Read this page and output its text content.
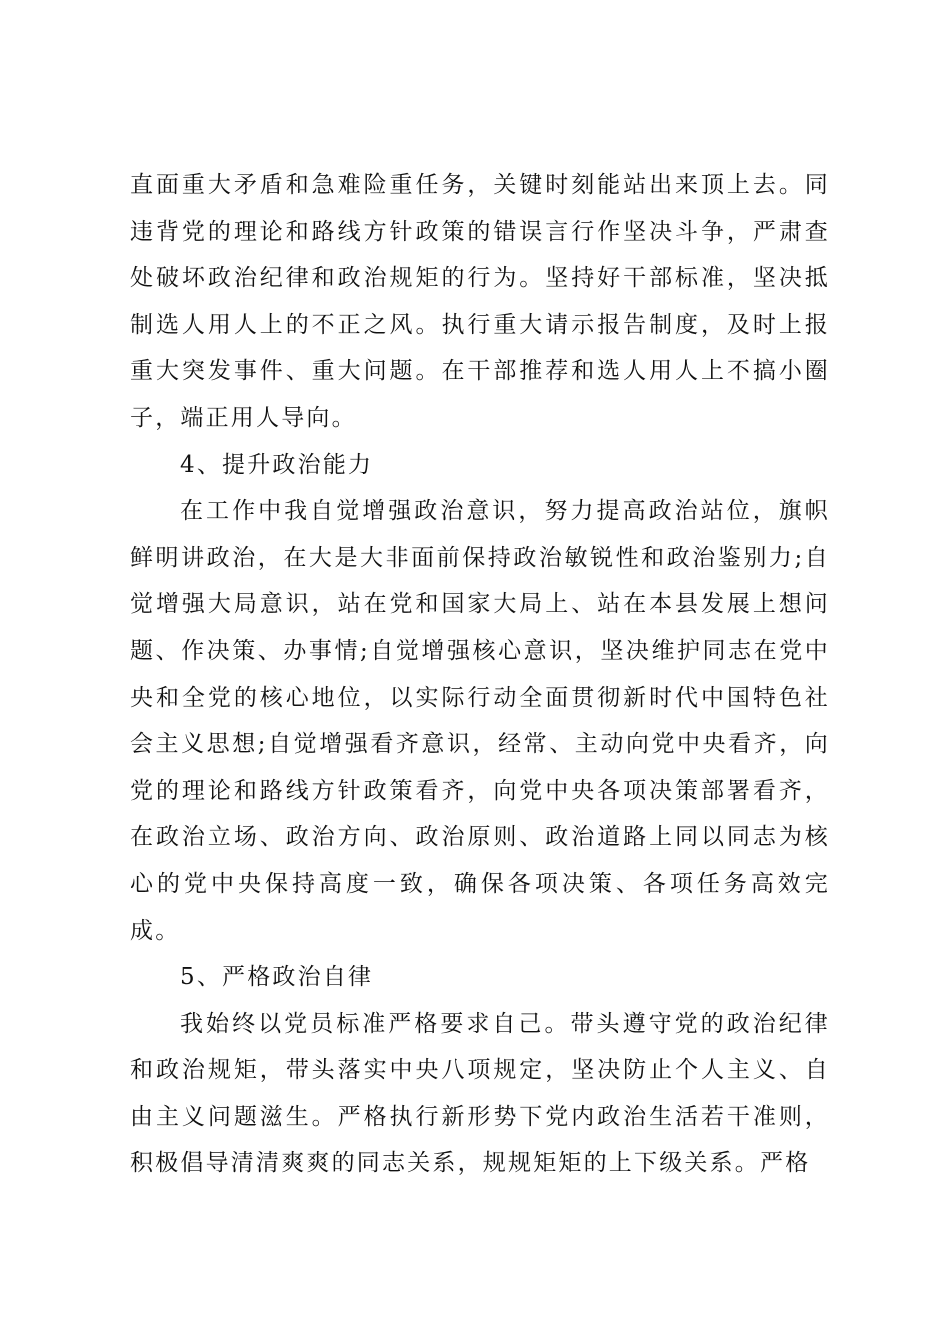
直面重大矛盾和急难险重任务，关键时刻能站出来顶上去。同违背党的理论和路线方针政策的错误言行作坚决斗争，严肃查处破坏政治纪律和政治规矩的行为。坚持好干部标准，坚决抵制选人用人上的不正之风。执行重大请示报告制度，及时上报重大突发事件、重大问题。在干部推荐和选人用人上不搞小圈子，端正用人导向。

4、提升政治能力

在工作中我自觉增强政治意识，努力提高政治站位，旗帜鲜明讲政治，在大是大非面前保持政治敏锐性和政治鉴别力;自觉增强大局意识，站在党和国家大局上、站在本县发展上想问题、作决策、办事情;自觉增强核心意识，坚决维护同志在党中央和全党的核心地位，以实际行动全面贯彻新时代中国特色社会主义思想;自觉增强看齐意识，经常、主动向党中央看齐，向党的理论和路线方针政策看齐，向党中央各项决策部署看齐，在政治立场、政治方向、政治原则、政治道路上同以同志为核心的党中央保持高度一致，确保各项决策、各项任务高效完成。

5、严格政治自律

我始终以党员标准严格要求自己。带头遵守党的政治纪律和政治规矩，带头落实中央八项规定，坚决防止个人主义、自由主义问题滋生。严格执行新形势下党内政治生活若干准则，积极倡导清清爽爽的同志关系，规规矩矩的上下级关系。严格
